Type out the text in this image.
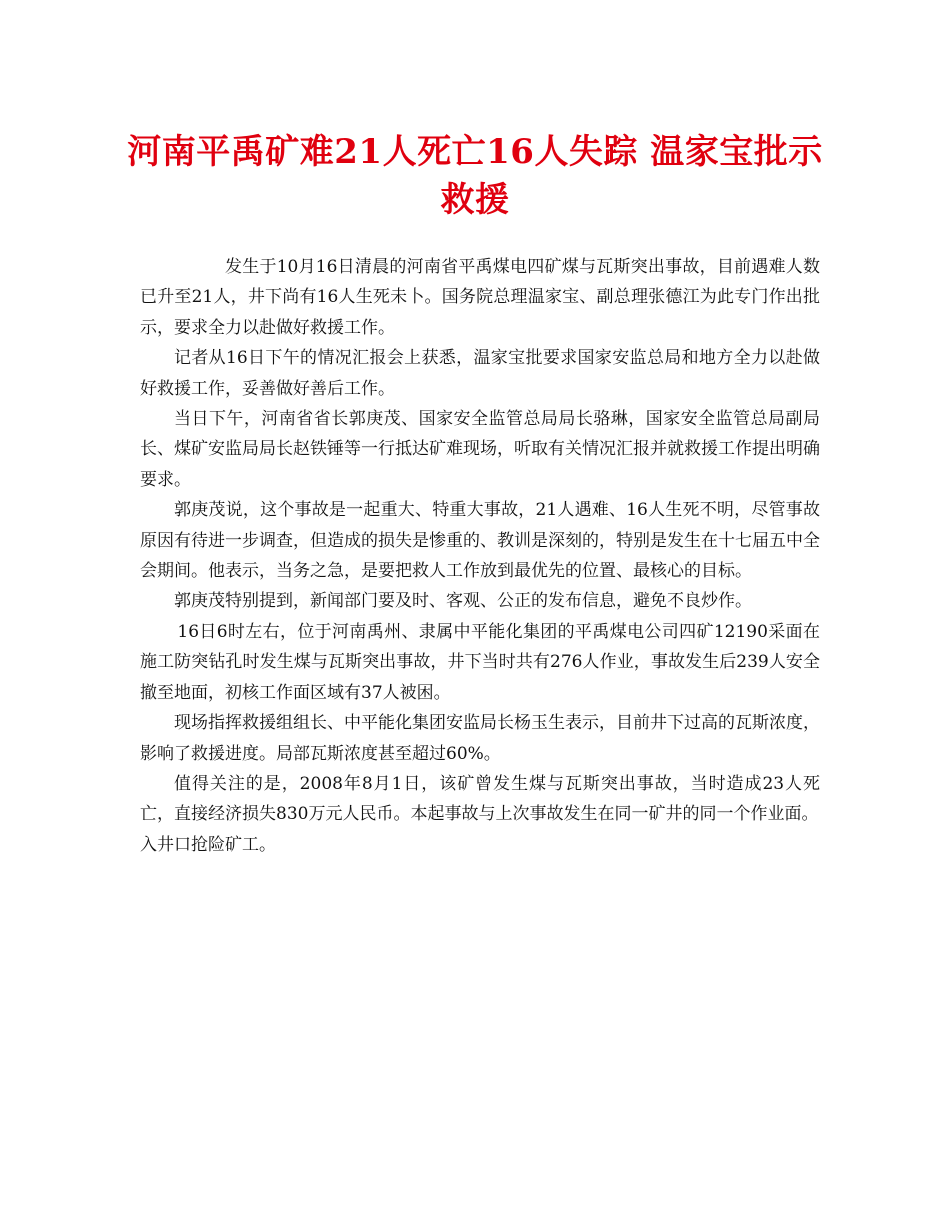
河南平禹矿难21人死亡16人失踪 温家宝批示救援

发生于10月16日清晨的河南省平禹煤电四矿煤与瓦斯突出事故，目前遇难人数已升至21人，井下尚有16人生死未卜。国务院总理温家宝、副总理张德江为此专门作出批示，要求全力以赴做好救援工作。

记者从16日下午的情况汇报会上获悉，温家宝批要求国家安监总局和地方全力以赴做好救援工作，妥善做好善后工作。

当日下午，河南省省长郭庚茂、国家安全监管总局局长骆琳，国家安全监管总局副局长、煤矿安监局局长赵铁锤等一行抵达矿难现场，听取有关情况汇报并就救援工作提出明确要求。

郭庚茂说，这个事故是一起重大、特重大事故，21人遇难、16人生死不明，尽管事故原因有待进一步调查，但造成的损失是惨重的、教训是深刻的，特别是发生在十七届五中全会期间。他表示，当务之急，是要把救人工作放到最优先的位置、最核心的目标。

郭庚茂特别提到，新闻部门要及时、客观、公正的发布信息，避免不良炒作。

16日6时左右，位于河南禹州、隶属中平能化集团的平禹煤电公司四矿12190采面在施工防突钻孔时发生煤与瓦斯突出事故，井下当时共有276人作业，事故发生后239人安全撤至地面，初核工作面区域有37人被困。

现场指挥救援组组长、中平能化集团安监局长杨玉生表示，目前井下过高的瓦斯浓度，影响了救援进度。局部瓦斯浓度甚至超过60%。

值得关注的是，2008年8月1日，该矿曾发生煤与瓦斯突出事故，当时造成23人死亡，直接经济损失830万元人民币。本起事故与上次事故发生在同一矿井的同一个作业面。

入井口抢险矿工。
